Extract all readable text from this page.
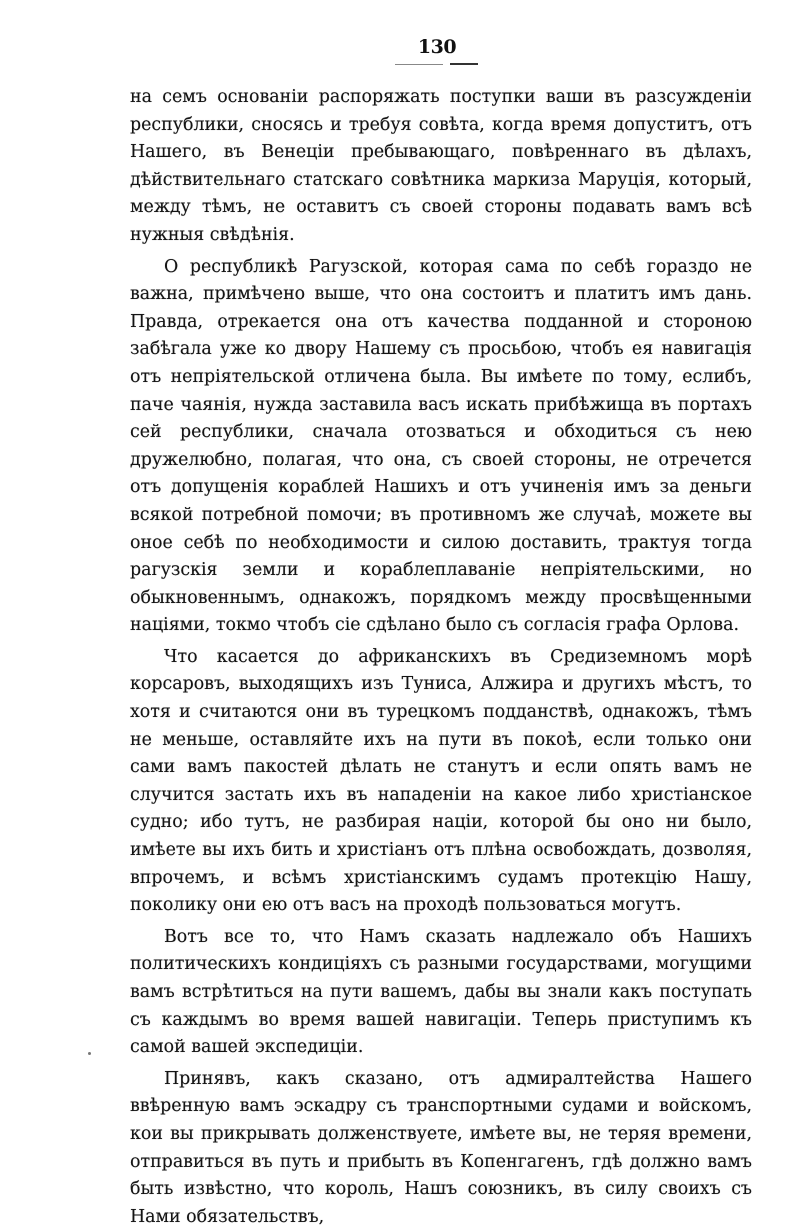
130

на семъ основаніи распоряжать поступки ваши въ разсужденіи республики, сносясь и требуя совѣта, когда время допуститъ, отъ Нашего, въ Венеціи пребывающаго, повѣреннаго въ дѣлахъ, дѣйствительнаго статскаго совѣтника маркиза Маруція, который, между тѣмъ, не оставитъ съ своей стороны подавать вамъ всѣ нужныя свѣдѣнія.

О республикѣ Рагузской, которая сама по себѣ гораздо не важна, примѣчено выше, что она состоитъ и платитъ имъ дань. Правда, отрекается она отъ качества подданной и стороною забѣгала уже ко двору Нашему съ просьбою, чтобъ ея навигація отъ непріятельской отличена была. Вы имѣете по тому, еслибъ, паче чаянія, нужда заставила васъ искать прибѣжища въ портахъ сей республики, сначала отозваться и обходиться съ нею дружелюбно, полагая, что она, съ своей стороны, не отречется отъ допущенія кораблей Нашихъ и отъ учиненія имъ за деньги всякой потребной помочи; въ противномъ же случаѣ, можете вы оное себѣ по необходимости и силою доставить, трактуя тогда рагузскія земли и кораблеплаваніе непріятельскими, но обыкновеннымъ, однакожъ, порядкомъ между просвѣщенными націями, токмо чтобъ сіе сдѣлано было съ согласія графа Орлова.

Что касается до африканскихъ въ Средиземномъ морѣ корсаровъ, выходящихъ изъ Туниса, Алжира и другихъ мѣстъ, то хотя и считаются они въ турецкомъ подданствѣ, однакожъ, тѣмъ не меньше, оставляйте ихъ на пути въ покоѣ, если только они сами вамъ пакостей дѣлать не станутъ и если опять вамъ не случится застать ихъ въ нападеніи на какое либо христіанское судно; ибо тутъ, не разбирая націи, которой бы оно ни было, имѣете вы ихъ бить и христіанъ отъ плѣна освобождать, дозволяя, впрочемъ, и всѣмъ христіанскимъ судамъ протекцію Нашу, поколику они ею отъ васъ на проходѣ пользоваться могутъ.

Вотъ все то, что Намъ сказать надлежало объ Нашихъ политическихъ кондиціяхъ съ разными государствами, могущими вамъ встрѣтиться на пути вашемъ, дабы вы знали какъ поступать съ каждымъ во время вашей навигаціи. Теперь приступимъ къ самой вашей экспедиціи.

Принявъ, какъ сказано, отъ адмиралтейства Нашего ввѣренную вамъ эскадру съ транспортными судами и войскомъ, кои вы прикрывать долженствуете, имѣете вы, не теряя времени, отправиться въ путь и прибыть въ Копенгагенъ, гдѣ должно вамъ быть извѣстно, что король, Нашъ союзникъ, въ силу своихъ съ Нами обязательствъ,
